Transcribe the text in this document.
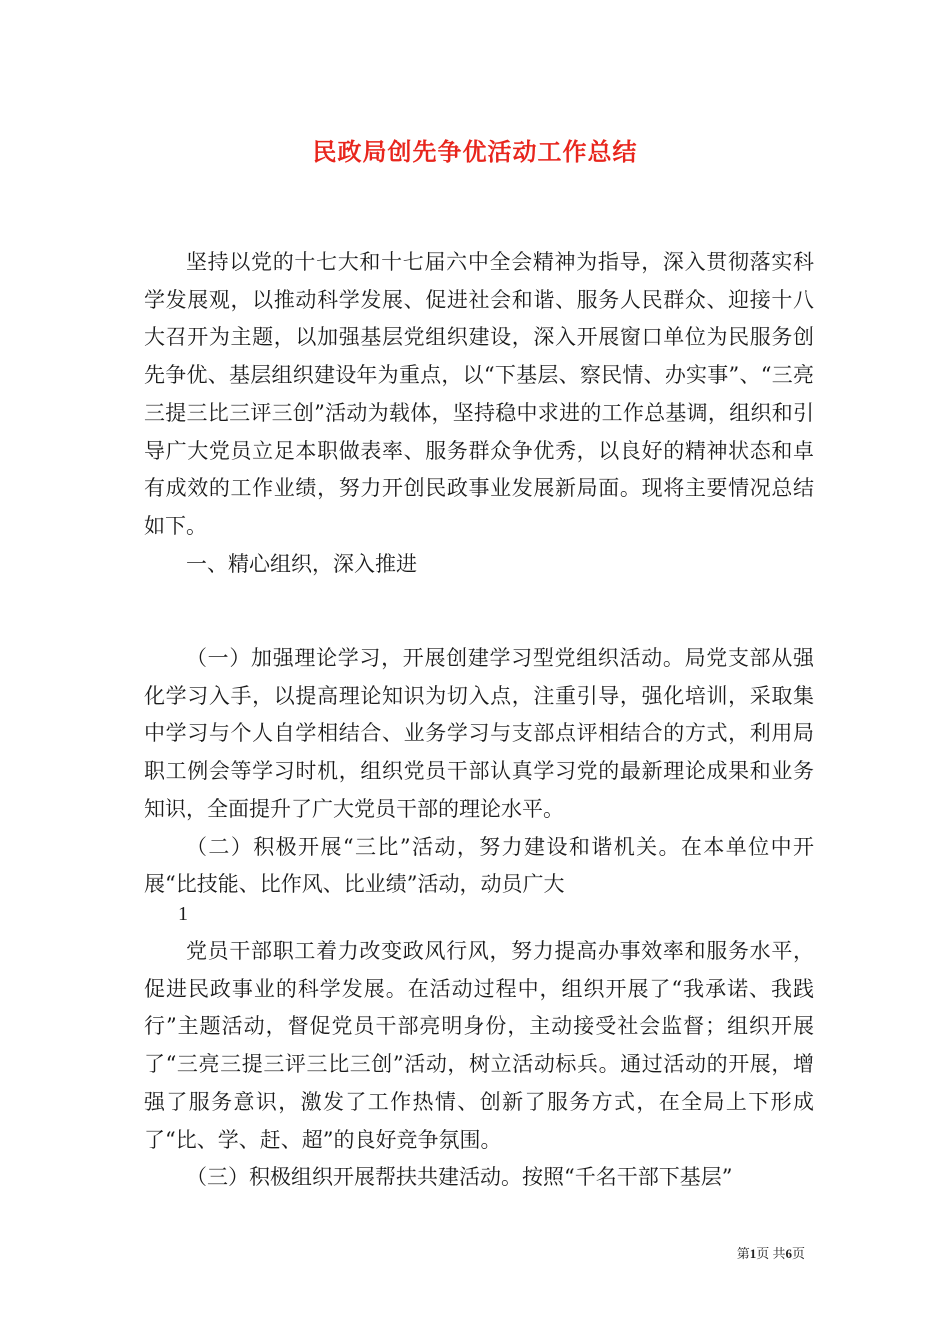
民政局创先争优活动工作总结

坚持以党的十七大和十七届六中全会精神为指导，深入贯彻落实科学发展观，以推动科学发展、促进社会和谐、服务人民群众、迎接十八大召开为主题，以加强基层党组织建设，深入开展窗口单位为民服务创先争优、基层组织建设年为重点，以“下基层、察民情、办实事”、“三亮三提三比三评三创”活动为载体，坚持稳中求进的工作总基调，组织和引导广大党员立足本职做表率、服务群众争优秀，以良好的精神状态和卓有成效的工作业绩，努力开创民政事业发展新局面。现将主要情况总结如下。

一、精心组织，深入推进

（一）加强理论学习，开展创建学习型党组织活动。局党支部从强化学习入手，以提高理论知识为切入点，注重引导，强化培训，采取集中学习与个人自学相结合、业务学习与支部点评相结合的方式，利用局职工例会等学习时机，组织党员干部认真学习党的最新理论成果和业务知识，全面提升了广大党员干部的理论水平。

（二）积极开展“三比”活动，努力建设和谐机关。在本单位中开展“比技能、比作风、比业绩”活动，动员广大

1

党员干部职工着力改变政风行风，努力提高办事效率和服务水平，促进民政事业的科学发展。在活动过程中，组织开展了“我承诺、我践行”主题活动，督促党员干部亮明身份，主动接受社会监督；组织开展了“三亮三提三评三比三创”活动，树立活动标兵。通过活动的开展，增强了服务意识，激发了工作热情、创新了服务方式，在全局上下形成了“比、学、赶、超”的良好竞争氛围。

（三）积极组织开展帮扶共建活动。按照“千名干部下基层”

第1页 共6页
